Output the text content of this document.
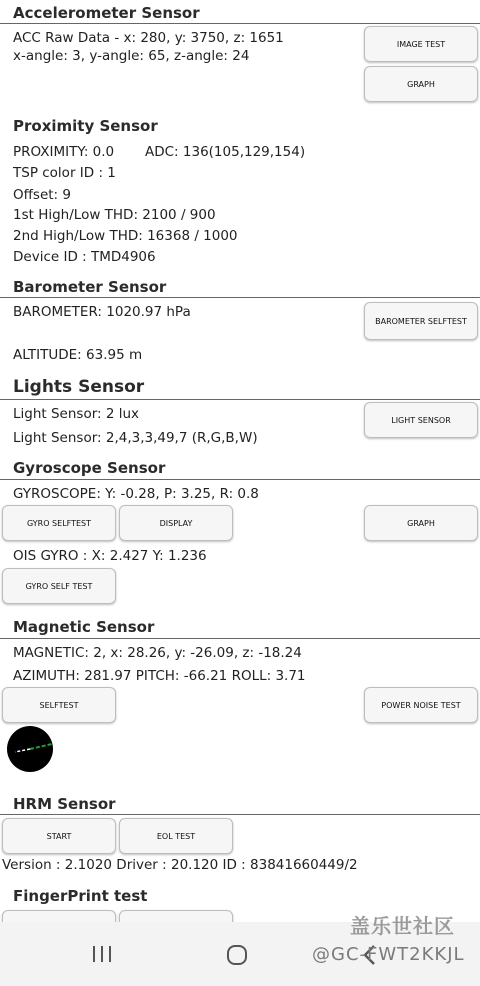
Accelerometer Sensor
ACC Raw Data - x: 280, y: 3750, z: 1651
x-angle: 3, y-angle: 65, z-angle: 24
IMAGE TEST
GRAPH
Proximity Sensor
PROXIMITY: 0.0 ADC: 136(105,129,154)
TSP color ID : 1
Offset: 9
1st High/Low THD: 2100 / 900
2nd High/Low THD: 16368 / 1000
Device ID : TMD4906
Barometer Sensor
BAROMETER: 1020.97 hPa
BAROMETER SELFTEST
ALTITUDE: 63.95 m
Lights Sensor
Light Sensor: 2 lux
Light Sensor: 2,4,3,3,49,7 (R,G,B,W)
LIGHT SENSOR
Gyroscope Sensor
GYROSCOPE: Y: -0.28, P: 3.25, R: 0.8
GYRO SELFTEST	DISPLAY	GRAPH
OIS GYRO : X: 2.427 Y: 1.236
GYRO SELF TEST
Magnetic Sensor
MAGNETIC: 2, x: 28.26, y: -26.09, z: -18.24
AZIMUTH: 281.97 PITCH: -66.21 ROLL: 3.71
SELFTEST	POWER NOISE TEST
HRM Sensor
START	EOL TEST
Version : 2.1020 Driver : 20.120 ID : 83841660449/2
FingerPrint test
盖乐世社区
@GC-FWT2KKJL
